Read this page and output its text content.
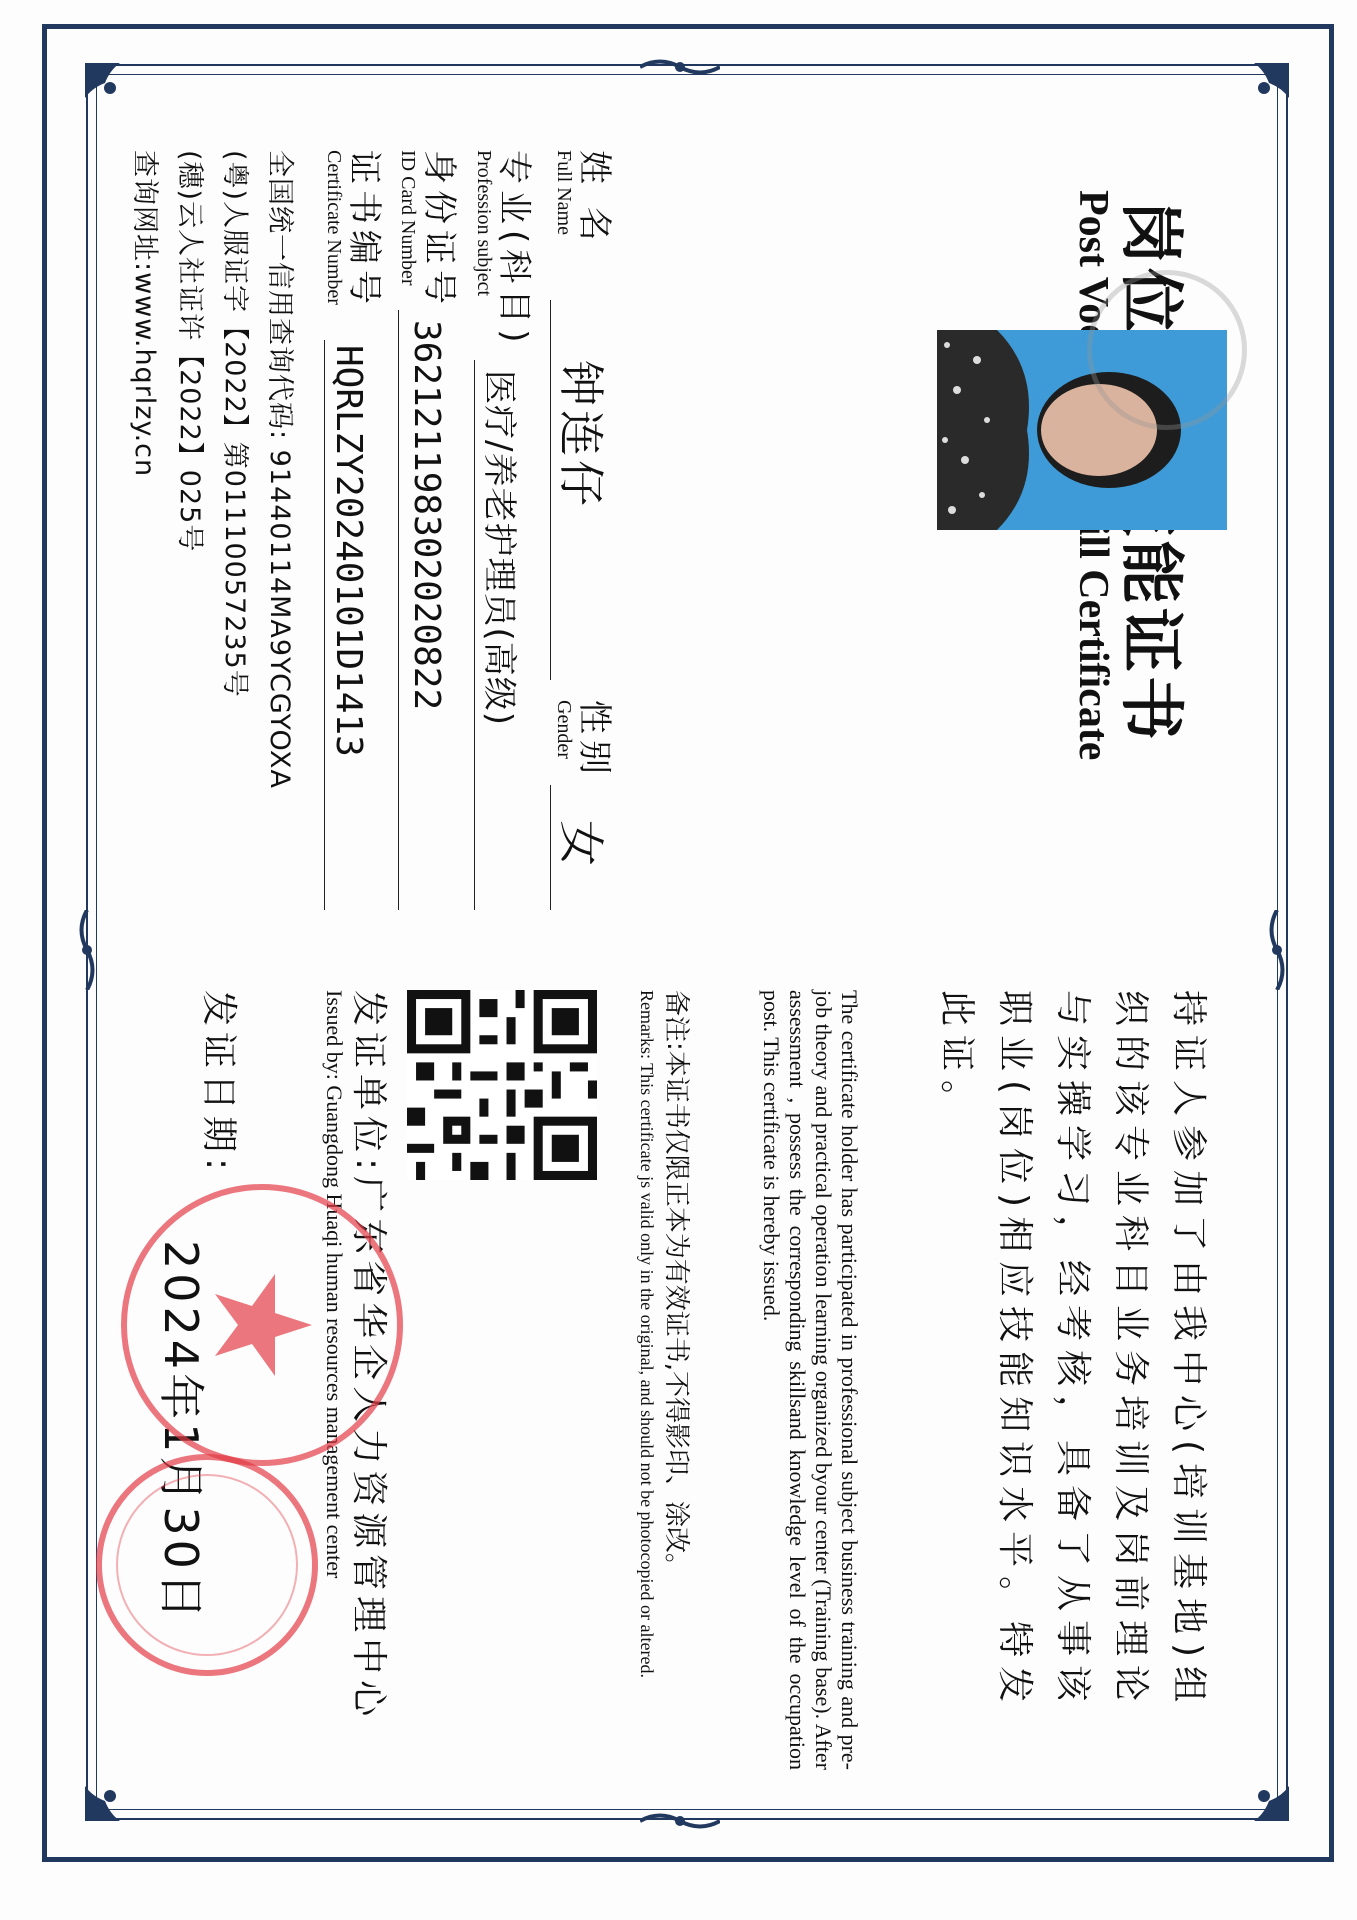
姓 名
Full Name
钟连仔
性别
Gender
女
专业(科目)
Profession subject
医疗/养老护理员(高级)
身份证号
ID Card Number
362121198302020822
证书编号
Certificate Number
HQRLZY20240101D1413
全国统一信用查询代码: 91440114MA9YCGYOXA
(粤)人服证字【2022】第01110057235号
(穗)云人社证许【2022】025号
查询网址:www.hqrlzy.cn
持证人参加了由我中心(培训基地)组织的该专业科目业务培训及岗前理论与实操学习，经考核，具备了从事该职业(岗位)相应技能知识水平。特发此证。
The certificate holder has participated in professional subject business training and pre-job theory and practical operation learning organized byour center (Training base). After assessment , possess the corresponding skillsand knowledge level of the occupation post. This certificate is hereby issued.
备注:本证书仅限正本为有效证书,不得影印、涂改。
Remarks: This certificate js valid only in the original, and should not be photocopied or altered.
发证单位:广东省华企人力资源管理中心
Issued by: Guangdong Huaqi human resources management center
发证日期:
2024年1月30日
